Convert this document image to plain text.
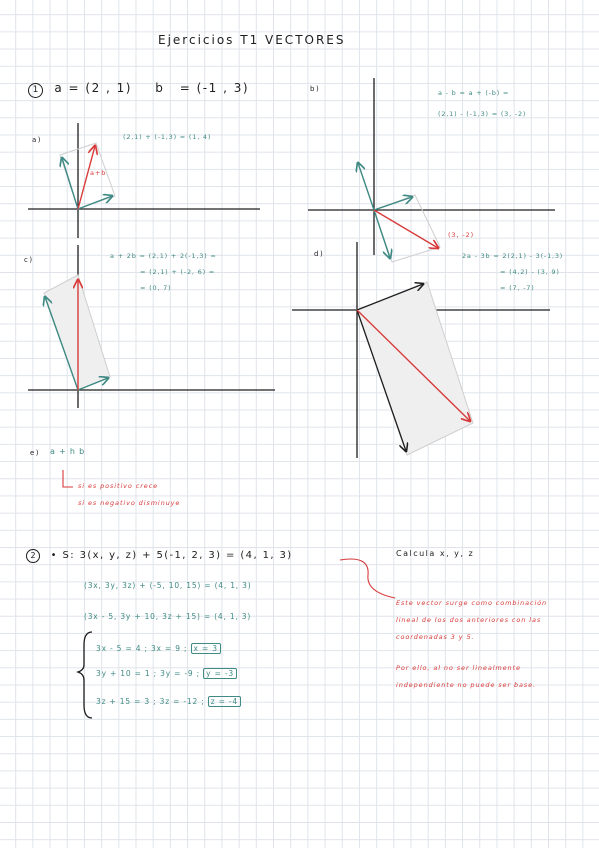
Ejercicios T1 VECTORES
1 a = (2 , 1) b = (-1 , 3)
a)	(2,1) + (-1,3) = (1, 4)
a+b
b)	a - b = a + (-b) =
(2,1) - (-1,3) = (3, -2)
(3, -2)
c)	a + 2b = (2,1) + 2(-1,3) =
= (2,1) + (-2, 6) =
= (0, 7)
d)	2a - 3b = 2(2,1) - 3(-1,3)
= (4,2) - (3, 9)
= (7, -7)
e) a + h b
si es positivo crece
si es negativo disminuye
2 • S: 3(x, y, z) + 5(-1, 2, 3) = (4, 1, 3)	Calcula x, y, z
(3x, 3y, 3z) + (-5, 10, 15) = (4, 1, 3)
(3x - 5, 3y + 10, 3z + 15) = (4, 1, 3)
3x - 5 = 4 ; 3x = 9 ; x = 3
3y + 10 = 1 ; 3y = -9 ; y = -3
3z + 15 = 3 ; 3z = -12 ; z = -4
Este vector surge como combinación
lineal de los dos anteriores con las
coordenadas 3 y 5.
Por ello, al no ser linealmente
independiente no puede ser base.
